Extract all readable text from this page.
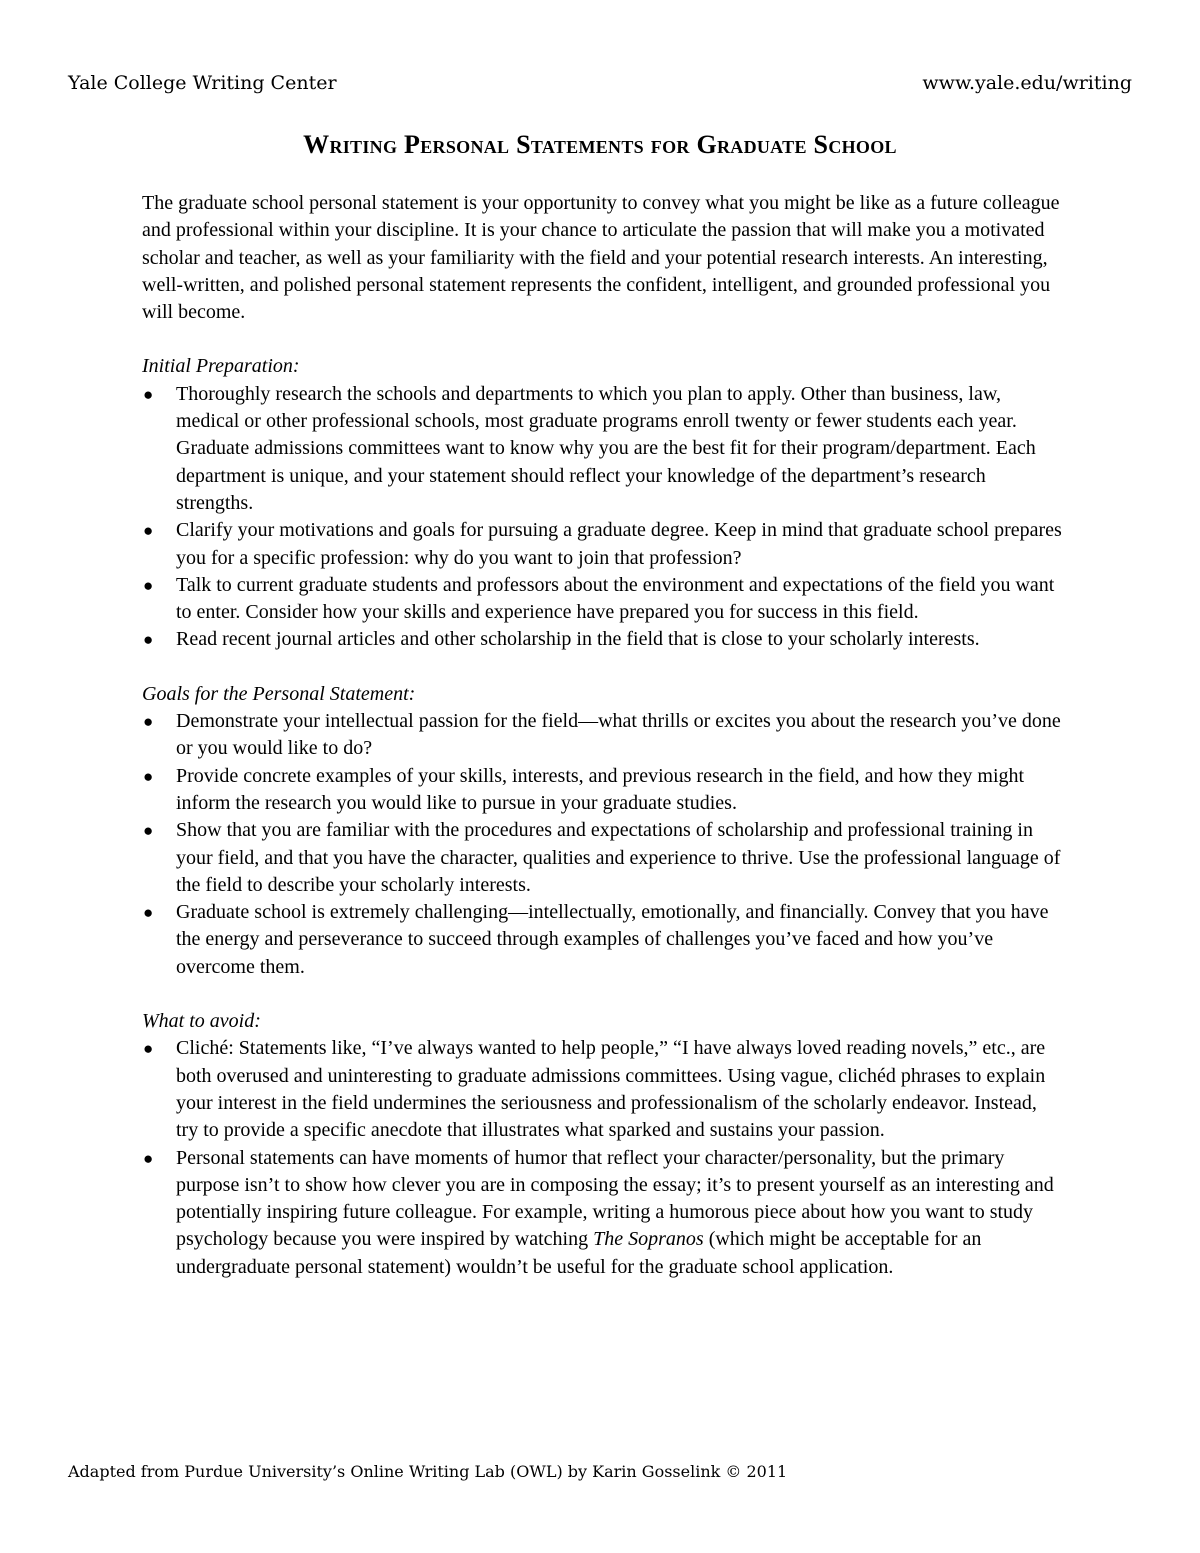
Yale College Writing Center	www.yale.edu/writing
Writing Personal Statements for Graduate School

The graduate school personal statement is your opportunity to convey what you might be like as a future colleague and professional within your discipline. It is your chance to articulate the passion that will make you a motivated scholar and teacher, as well as your familiarity with the field and your potential research interests. An interesting, well-written, and polished personal statement represents the confident, intelligent, and grounded professional you will become.

Initial Preparation:

● Thoroughly research the schools and departments to which you plan to apply. Other than business, law, medical or other professional schools, most graduate programs enroll twenty or fewer students each year. Graduate admissions committees want to know why you are the best fit for their program/department. Each department is unique, and your statement should reflect your knowledge of the department’s research strengths.
● Clarify your motivations and goals for pursuing a graduate degree. Keep in mind that graduate school prepares you for a specific profession: why do you want to join that profession?
● Talk to current graduate students and professors about the environment and expectations of the field you want to enter. Consider how your skills and experience have prepared you for success in this field.
● Read recent journal articles and other scholarship in the field that is close to your scholarly interests.

Goals for the Personal Statement:

● Demonstrate your intellectual passion for the field—what thrills or excites you about the research you’ve done or you would like to do?
● Provide concrete examples of your skills, interests, and previous research in the field, and how they might inform the research you would like to pursue in your graduate studies.
● Show that you are familiar with the procedures and expectations of scholarship and professional training in your field, and that you have the character, qualities and experience to thrive. Use the professional language of the field to describe your scholarly interests.
● Graduate school is extremely challenging—intellectually, emotionally, and financially. Convey that you have the energy and perseverance to succeed through examples of challenges you’ve faced and how you’ve overcome them.

What to avoid:

● Cliché: Statements like, “I’ve always wanted to help people,” “I have always loved reading novels,” etc., are both overused and uninteresting to graduate admissions committees. Using vague, clichéd phrases to explain your interest in the field undermines the seriousness and professionalism of the scholarly endeavor. Instead, try to provide a specific anecdote that illustrates what sparked and sustains your passion.
● Personal statements can have moments of humor that reflect your character/personality, but the primary purpose isn’t to show how clever you are in composing the essay; it’s to present yourself as an interesting and potentially inspiring future colleague. For example, writing a humorous piece about how you want to study psychology because you were inspired by watching The Sopranos (which might be acceptable for an undergraduate personal statement) wouldn’t be useful for the graduate school application.
Adapted from Purdue University’s Online Writing Lab (OWL) by Karin Gosselink © 2011
